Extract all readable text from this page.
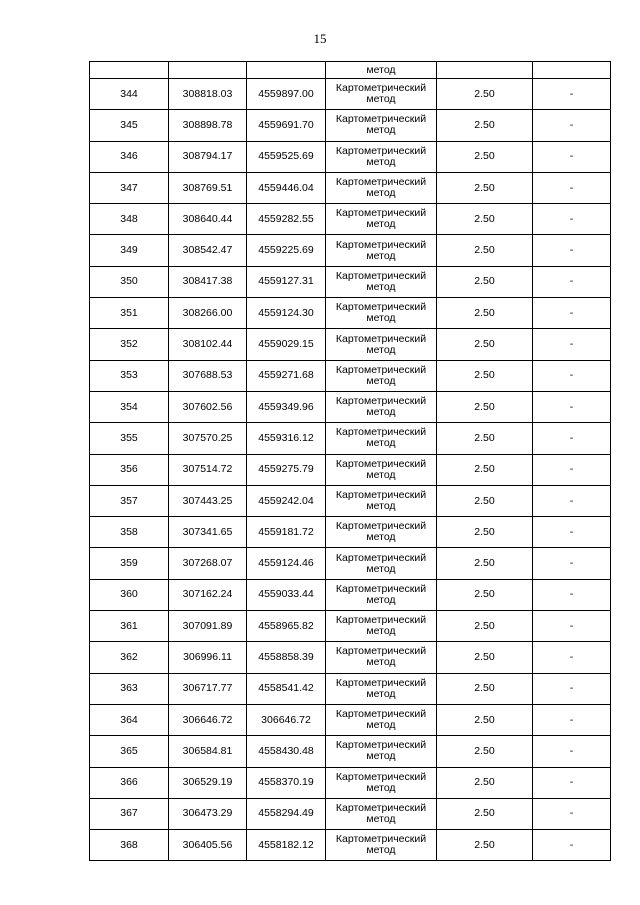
15
			метод		
344	308818.03	4559897.00	Картометрический метод	2.50	-
345	308898.78	4559691.70	Картометрический метод	2.50	-
346	308794.17	4559525.69	Картометрический метод	2.50	-
347	308769.51	4559446.04	Картометрический метод	2.50	-
348	308640.44	4559282.55	Картометрический метод	2.50	-
349	308542.47	4559225.69	Картометрический метод	2.50	-
350	308417.38	4559127.31	Картометрический метод	2.50	-
351	308266.00	4559124.30	Картометрический метод	2.50	-
352	308102.44	4559029.15	Картометрический метод	2.50	-
353	307688.53	4559271.68	Картометрический метод	2.50	-
354	307602.56	4559349.96	Картометрический метод	2.50	-
355	307570.25	4559316.12	Картометрический метод	2.50	-
356	307514.72	4559275.79	Картометрический метод	2.50	-
357	307443.25	4559242.04	Картометрический метод	2.50	-
358	307341.65	4559181.72	Картометрический метод	2.50	-
359	307268.07	4559124.46	Картометрический метод	2.50	-
360	307162.24	4559033.44	Картометрический метод	2.50	-
361	307091.89	4558965.82	Картометрический метод	2.50	-
362	306996.11	4558858.39	Картометрический метод	2.50	-
363	306717.77	4558541.42	Картометрический метод	2.50	-
364	306646.72	306646.72	Картометрический метод	2.50	-
365	306584.81	4558430.48	Картометрический метод	2.50	-
366	306529.19	4558370.19	Картометрический метод	2.50	-
367	306473.29	4558294.49	Картометрический метод	2.50	-
368	306405.56	4558182.12	Картометрический метод	2.50	-
